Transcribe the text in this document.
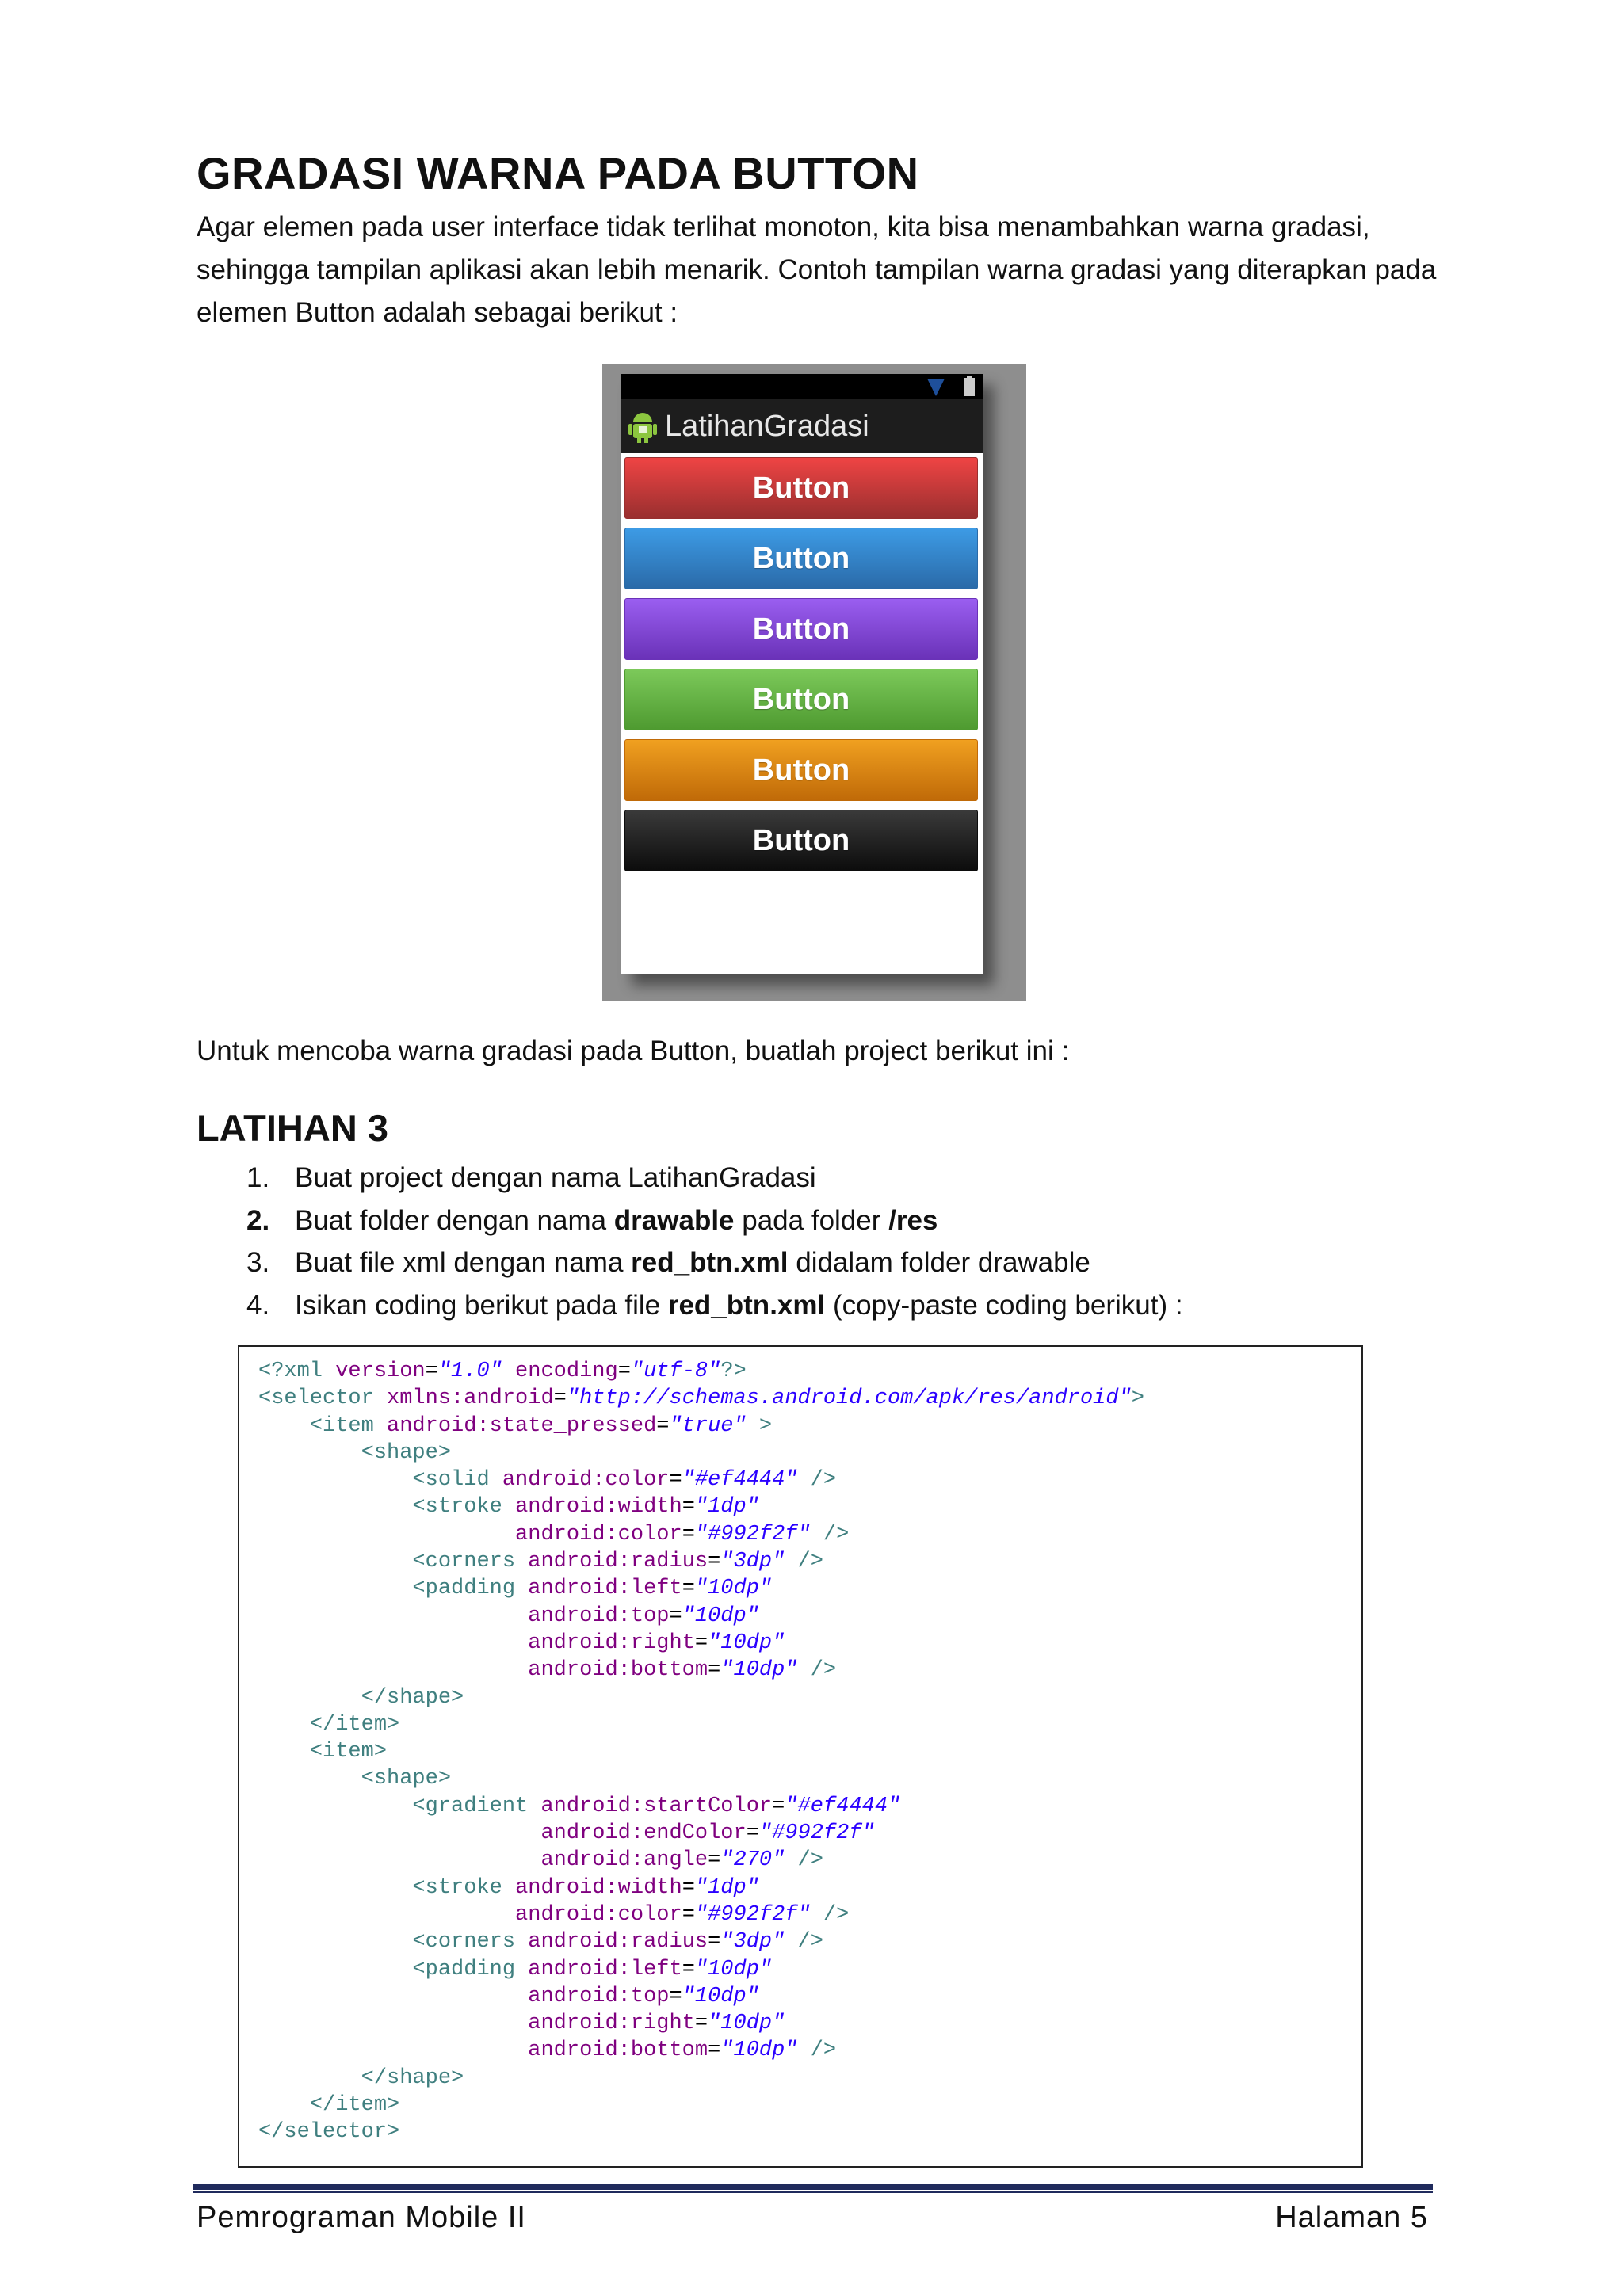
GRADASI WARNA PADA BUTTON
Agar elemen pada user interface tidak terlihat monoton, kita bisa menambahkan warna gradasi, sehingga tampilan aplikasi akan lebih menarik. Contoh tampilan warna gradasi yang diterapkan pada elemen Button adalah sebagai berikut :
LatihanGradasi
Button
Button
Button
Button
Button
Button
Untuk mencoba warna gradasi pada Button, buatlah project berikut ini :
LATIHAN 3
1. Buat project dengan nama LatihanGradasi
2. Buat folder dengan nama drawable pada folder /res
3. Buat file xml dengan nama red_btn.xml didalam folder drawable
4. Isikan coding berikut pada file red_btn.xml (copy-paste coding berikut) :
<?xml version="1.0" encoding="utf-8"?>
<selector xmlns:android="http://schemas.android.com/apk/res/android">
<item android:state_pressed="true" >
<shape>
<solid android:color="#ef4444" />
<stroke android:width="1dp"
android:color="#992f2f" />
<corners android:radius="3dp" />
<padding android:left="10dp"
android:top="10dp"
android:right="10dp"
android:bottom="10dp" />
</shape>
</item>
<item>
<shape>
<gradient android:startColor="#ef4444"
android:endColor="#992f2f"
android:angle="270" />
<stroke android:width="1dp"
android:color="#992f2f" />
<corners android:radius="3dp" />
<padding android:left="10dp"
android:top="10dp"
android:right="10dp"
android:bottom="10dp" />
</shape>
</item>
</selector>
Pemrograman Mobile II	Halaman 5
